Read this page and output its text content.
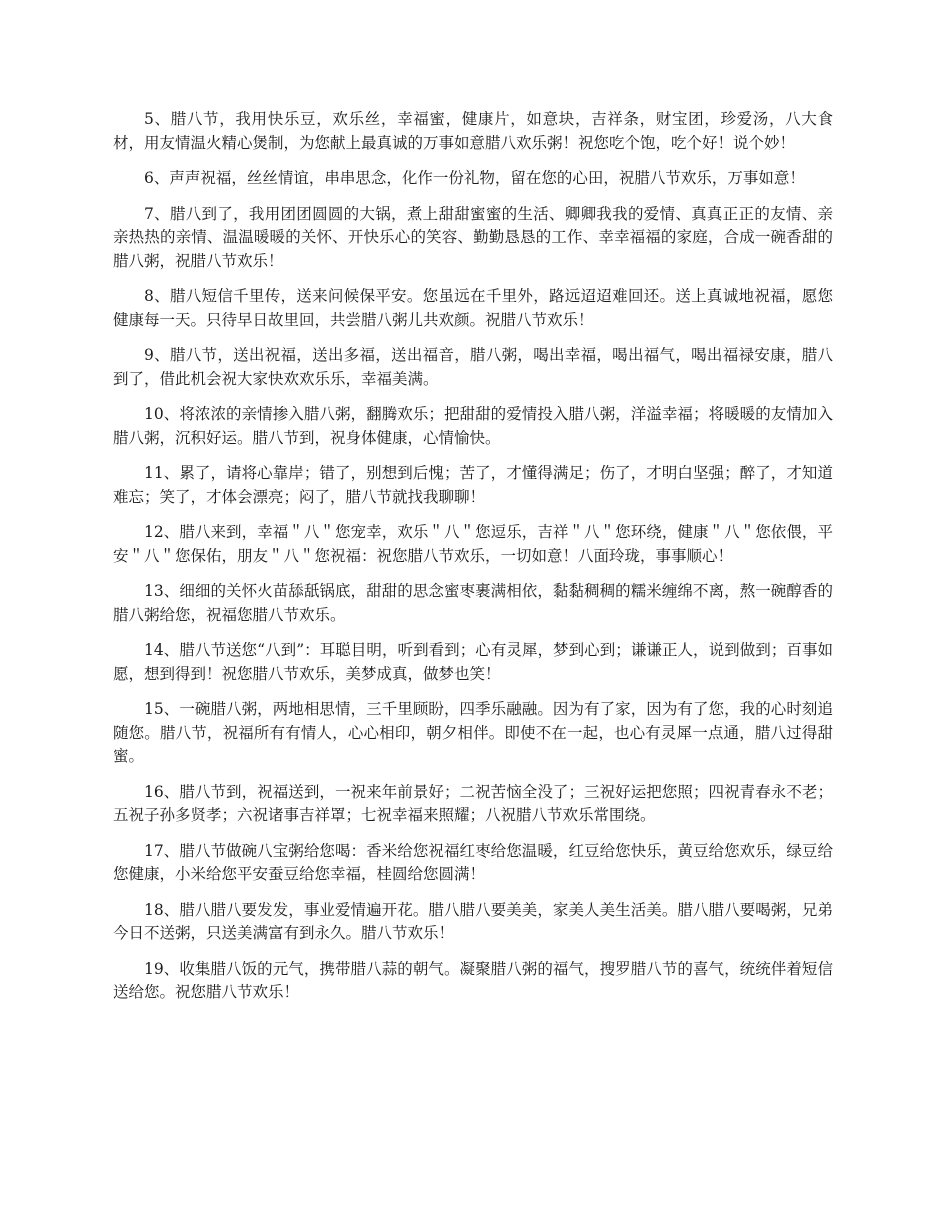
5、腊八节，我用快乐豆，欢乐丝，幸福蜜，健康片，如意块，吉祥条，财宝团，珍爱汤，八大食材，用友情温火精心煲制，为您献上最真诚的万事如意腊八欢乐粥！祝您吃个饱，吃个好！说个妙！

6、声声祝福，丝丝情谊，串串思念，化作一份礼物，留在您的心田，祝腊八节欢乐，万事如意！

7、腊八到了，我用团团圆圆的大锅，煮上甜甜蜜蜜的生活、卿卿我我的爱情、真真正正的友情、亲亲热热的亲情、温温暖暖的关怀、开快乐心的笑容、勤勤恳恳的工作、幸幸福福的家庭，合成一碗香甜的腊八粥，祝腊八节欢乐！

8、腊八短信千里传，送来问候保平安。您虽远在千里外，路远迢迢难回还。送上真诚地祝福，愿您健康每一天。只待早日故里回，共尝腊八粥儿共欢颜。祝腊八节欢乐！

9、腊八节，送出祝福，送出多福，送出福音，腊八粥，喝出幸福，喝出福气，喝出福禄安康，腊八到了，借此机会祝大家快欢欢乐乐，幸福美满。

10、将浓浓的亲情掺入腊八粥，翻腾欢乐；把甜甜的爱情投入腊八粥，洋溢幸福；将暖暖的友情加入腊八粥，沉积好运。腊八节到，祝身体健康，心情愉快。

11、累了，请将心靠岸；错了，别想到后愧；苦了，才懂得满足；伤了，才明白坚强；醉了，才知道难忘；笑了，才体会漂亮；闷了，腊八节就找我聊聊！

12、腊八来到，幸福＂八＂您宠幸，欢乐＂八＂您逗乐，吉祥＂八＂您环绕，健康＂八＂您依偎，平安＂八＂您保佑，朋友＂八＂您祝福：祝您腊八节欢乐，一切如意！八面玲珑，事事顺心！

13、细细的关怀火苗舔舐锅底，甜甜的思念蜜枣裹满相依，黏黏稠稠的糯米缠绵不离，熬一碗醇香的腊八粥给您，祝福您腊八节欢乐。

14、腊八节送您“八到”：耳聪目明，听到看到；心有灵犀，梦到心到；谦谦正人，说到做到；百事如愿，想到得到！祝您腊八节欢乐，美梦成真，做梦也笑！

15、一碗腊八粥，两地相思情，三千里顾盼，四季乐融融。因为有了家，因为有了您，我的心时刻追随您。腊八节，祝福所有有情人，心心相印，朝夕相伴。即使不在一起，也心有灵犀一点通，腊八过得甜蜜。

16、腊八节到，祝福送到，一祝来年前景好；二祝苦恼全没了；三祝好运把您照；四祝青春永不老；五祝子孙多贤孝；六祝诸事吉祥罩；七祝幸福来照耀；八祝腊八节欢乐常围绕。

17、腊八节做碗八宝粥给您喝：香米给您祝福红枣给您温暖，红豆给您快乐，黄豆给您欢乐，绿豆给您健康，小米给您平安蚕豆给您幸福，桂圆给您圆满！

18、腊八腊八要发发，事业爱情遍开花。腊八腊八要美美，家美人美生活美。腊八腊八要喝粥，兄弟今日不送粥，只送美满富有到永久。腊八节欢乐！

19、收集腊八饭的元气，携带腊八蒜的朝气。凝聚腊八粥的福气，搜罗腊八节的喜气，统统伴着短信送给您。祝您腊八节欢乐！
